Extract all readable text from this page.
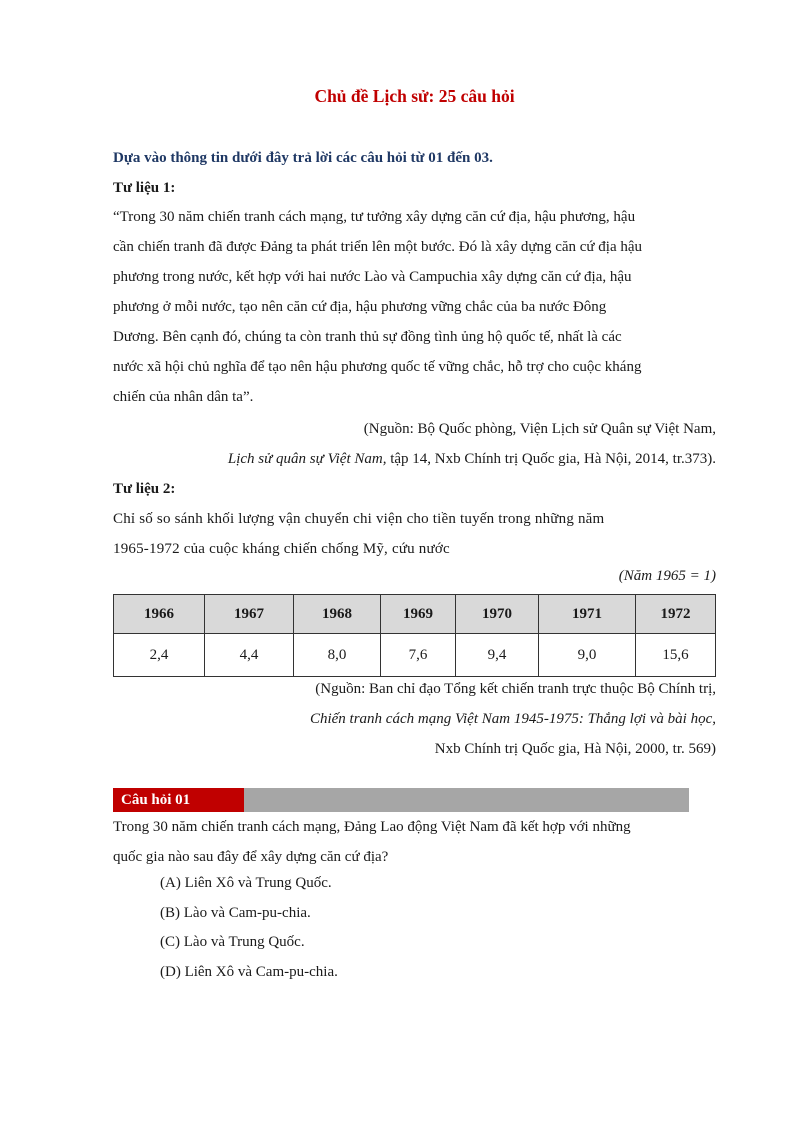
Chủ đề Lịch sử: 25 câu hỏi
Dựa vào thông tin dưới đây trả lời các câu hỏi từ 01 đến 03.
Tư liệu 1:
“Trong 30 năm chiến tranh cách mạng, tư tưởng xây dựng căn cứ địa, hậu phương, hậu
cần chiến tranh đã được Đảng ta phát triển lên một bước. Đó là xây dựng căn cứ địa hậu
phương trong nước, kết hợp với hai nước Lào và Campuchia xây dựng căn cứ địa, hậu
phương ở mỗi nước, tạo nên căn cứ địa, hậu phương vững chắc của ba nước Đông
Dương. Bên cạnh đó, chúng ta còn tranh thủ sự đồng tình ủng hộ quốc tế, nhất là các
nước xã hội chủ nghĩa để tạo nên hậu phương quốc tế vững chắc, hỗ trợ cho cuộc kháng
chiến của nhân dân ta”.
(Nguồn: Bộ Quốc phòng, Viện Lịch sử Quân sự Việt Nam,
Lịch sử quân sự Việt Nam, tập 14, Nxb Chính trị Quốc gia, Hà Nội, 2014, tr.373).
Tư liệu 2:
Chỉ số so sánh khối lượng vận chuyển chi viện cho tiền tuyến trong những năm
1965-1972 của cuộc kháng chiến chống Mỹ, cứu nước
(Năm 1965 = 1)
1966	1967	1968	1969	1970	1971	1972
2,4	4,4	8,0	7,6	9,4	9,0	15,6
(Nguồn: Ban chỉ đạo Tổng kết chiến tranh trực thuộc Bộ Chính trị,
Chiến tranh cách mạng Việt Nam 1945-1975: Thắng lợi và bài học,
Nxb Chính trị Quốc gia, Hà Nội, 2000, tr. 569)
Câu hỏi 01
Trong 30 năm chiến tranh cách mạng, Đảng Lao động Việt Nam đã kết hợp với những
quốc gia nào sau đây để xây dựng căn cứ địa?
(A) Liên Xô và Trung Quốc.
(B) Lào và Cam-pu-chia.
(C) Lào và Trung Quốc.
(D) Liên Xô và Cam-pu-chia.
